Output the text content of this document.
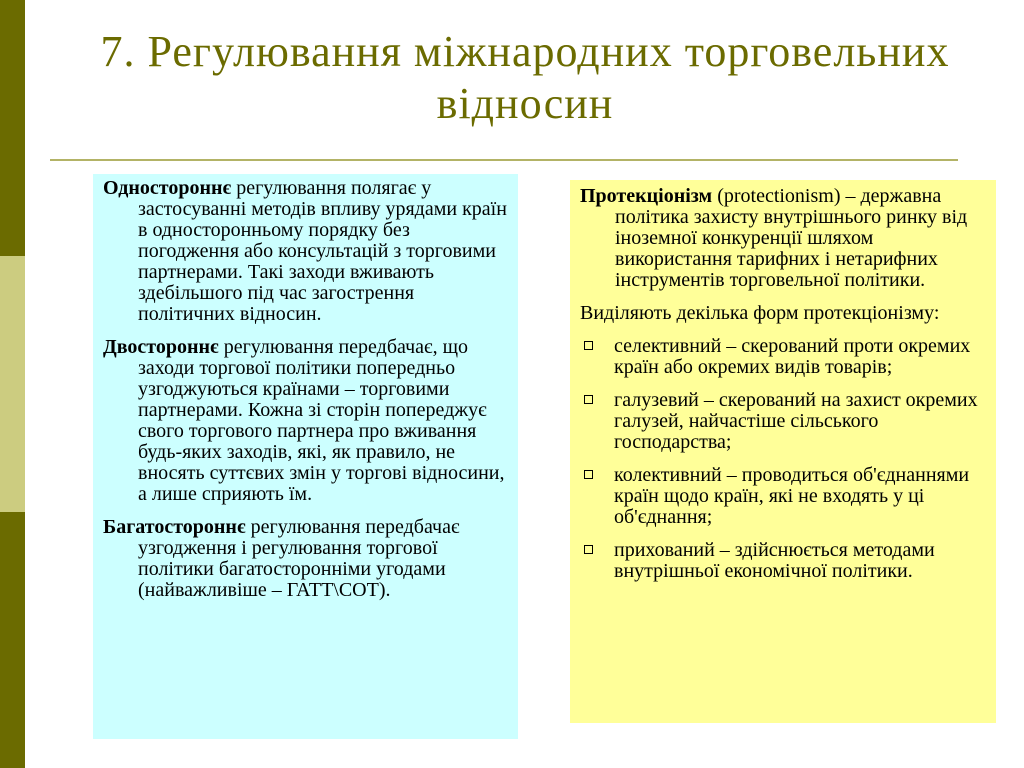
7. Регулювання міжнародних торговельних відносин

Одностороннє регулювання полягає у застосуванні методів впливу урядами країн в односторонньому порядку без погодження або консультацій з торговими партнерами. Такі заходи вживають здебільшого під час загострення політичних відносин.

Двостороннє регулювання передбачає, що заходи торгової політики попередньо узгоджуються країнами – торговими партнерами. Кожна зі сторін попереджує свого торгового партнера про вживання будь-яких заходів, які, як правило, не вносять суттєвих змін у торгові відносини, а лише сприяють їм.

Багатостороннє регулювання передбачає узгодження і регулювання торгової політики багатосторонніми угодами (найважливіше – ГАТТ\СОТ).

Протекціонізм (protectionism) – державна політика захисту внутрішнього ринку від іноземної конкуренції шляхом використання тарифних і нетарифних інструментів торговельної політики.

Виділяють декілька форм протекціонізму:

селективний – скерований проти окремих країн або окремих видів товарів;
галузевий – скерований на захист окремих галузей, найчастіше сільського господарства;
колективний – проводиться об'єднаннями країн щодо країн, які не входять у ці об'єднання;
прихований – здійснюється методами внутрішньої економічної політики.
